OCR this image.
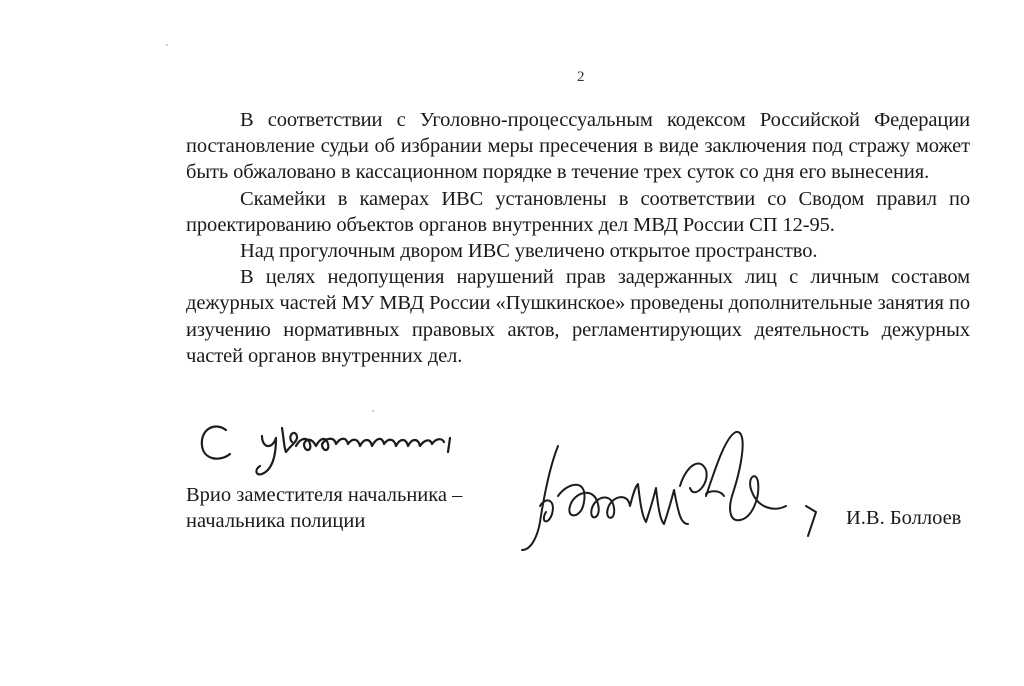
2

В соответствии с Уголовно-процессуальным кодексом Российской Федерации постановление судьи об избрании меры пресечения в виде заключения под стражу может быть обжаловано в кассационном порядке в течение трех суток со дня его вынесения.

Скамейки в камерах ИВС установлены в соответствии со Сводом правил по проектированию объектов органов внутренних дел МВД России СП 12-95.

Над прогулочным двором ИВС увеличено открытое пространство.

В целях недопущения нарушений прав задержанных лиц с личным составом дежурных частей МУ МВД России «Пушкинское» проведены дополнительные занятия по изучению нормативных правовых актов, регламентирующих деятельность дежурных частей органов внутренних дел.

Врио заместителя начальника –
начальника полиции	И.В. Боллоев
